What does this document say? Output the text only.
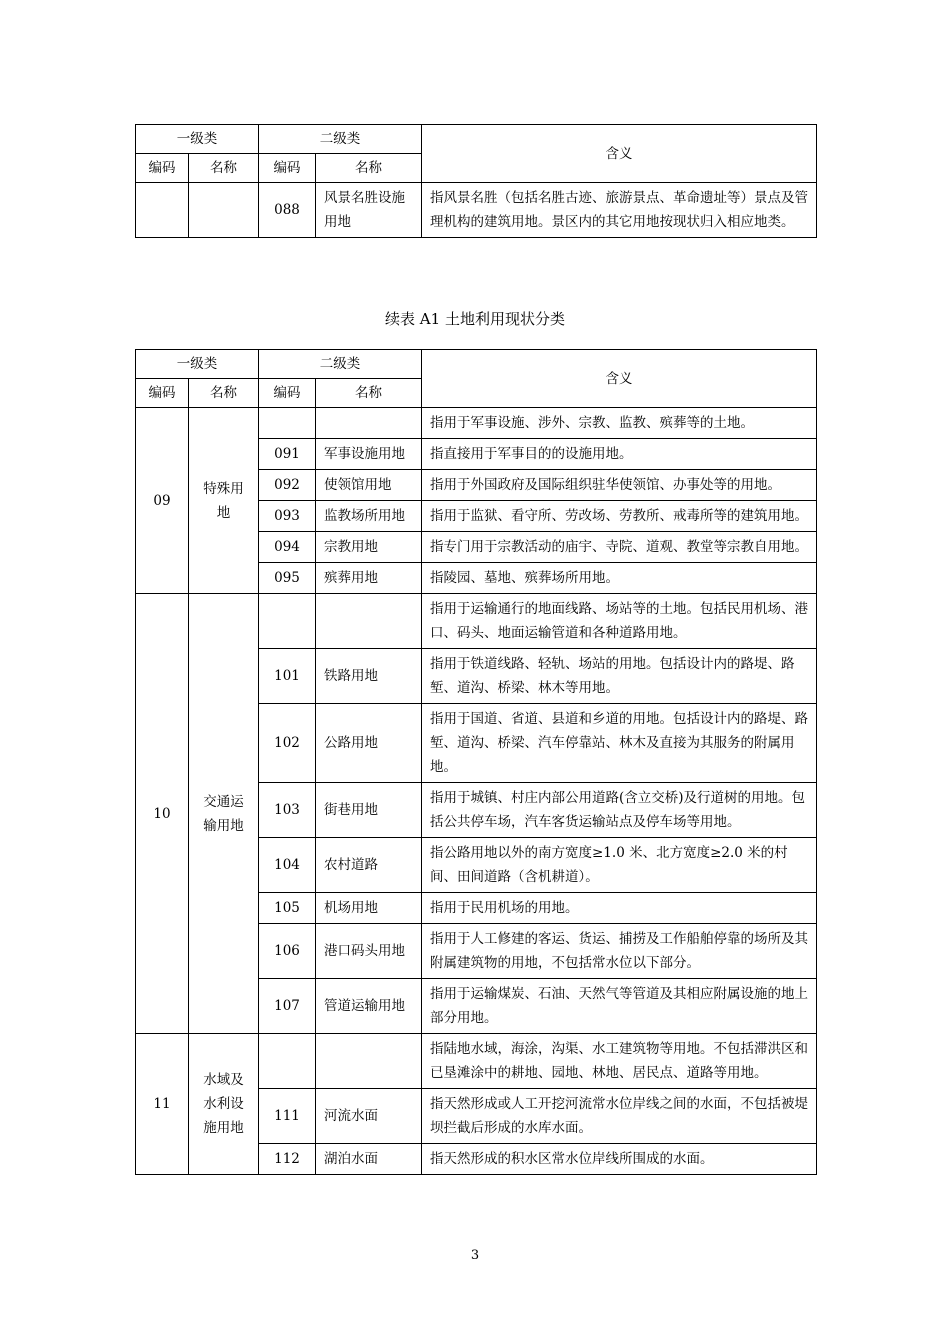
一级类		二级类		含义
编码	名称	编码	名称	
		088	风景名胜设施用地	指风景名胜（包括名胜古迹、旅游景点、革命遗址等）景点及管理机构的建筑用地。景区内的其它用地按现状归入相应地类。
续表 A1 土地利用现状分类
一级类		二级类		含义
编码	名称	编码	名称	
09	特殊用地			指用于军事设施、涉外、宗教、监教、殡葬等的土地。
		091	军事设施用地	指直接用于军事目的的设施用地。
		092	使领馆用地	指用于外国政府及国际组织驻华使领馆、办事处等的用地。
		093	监教场所用地	指用于监狱、看守所、劳改场、劳教所、戒毒所等的建筑用地。
		094	宗教用地	指专门用于宗教活动的庙宇、寺院、道观、教堂等宗教自用地。
		095	殡葬用地	指陵园、墓地、殡葬场所用地。
10	交通运输用地			指用于运输通行的地面线路、场站等的土地。包括民用机场、港口、码头、地面运输管道和各种道路用地。
		101	铁路用地	指用于铁道线路、轻轨、场站的用地。包括设计内的路堤、路堑、道沟、桥梁、林木等用地。
		102	公路用地	指用于国道、省道、县道和乡道的用地。包括设计内的路堤、路堑、道沟、桥梁、汽车停靠站、林木及直接为其服务的附属用地。
		103	街巷用地	指用于城镇、村庄内部公用道路(含立交桥)及行道树的用地。包括公共停车场，汽车客货运输站点及停车场等用地。
		104	农村道路	指公路用地以外的南方宽度≥1.0 米、北方宽度≥2.0 米的村间、田间道路（含机耕道）。
		105	机场用地	指用于民用机场的用地。
		106	港口码头用地	指用于人工修建的客运、货运、捕捞及工作船舶停靠的场所及其附属建筑物的用地，不包括常水位以下部分。
		107	管道运输用地	指用于运输煤炭、石油、天然气等管道及其相应附属设施的地上部分用地。
11	水域及水利设施用地			指陆地水域，海涂，沟渠、水工建筑物等用地。不包括滞洪区和已垦滩涂中的耕地、园地、林地、居民点、道路等用地。
		111	河流水面	指天然形成或人工开挖河流常水位岸线之间的水面，不包括被堤坝拦截后形成的水库水面。
		112	湖泊水面	指天然形成的积水区常水位岸线所围成的水面。
3
